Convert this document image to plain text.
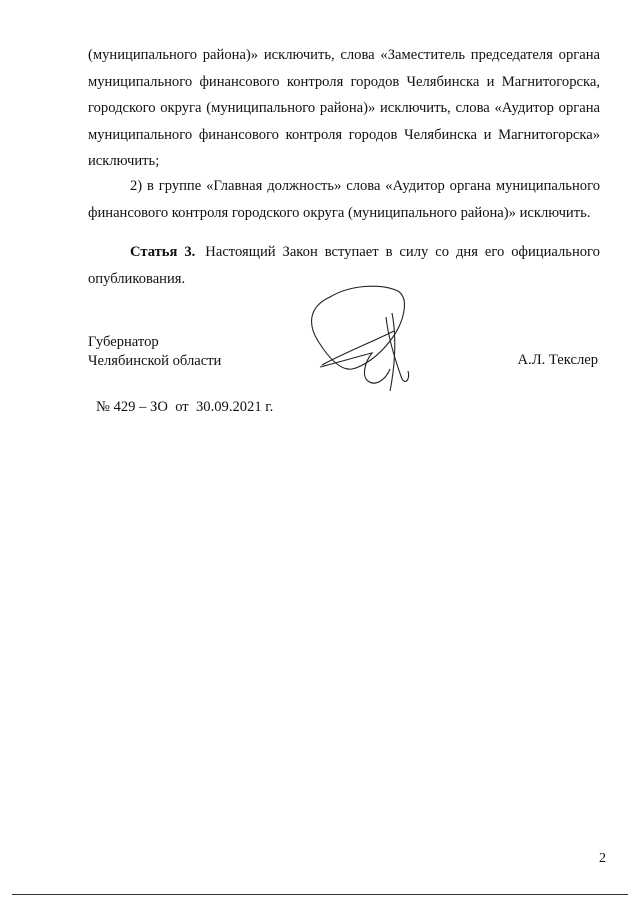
(муниципального района)» исключить, слова «Заместитель председателя органа муниципального финансового контроля городов Челябинска и Магнитогорска, городского округа (муниципального района)» исключить, слова «Аудитор органа муниципального финансового контроля городов Челябинска и Магнитогорска» исключить;

2) в группе «Главная должность» слова «Аудитор органа муниципального финансового контроля городского округа (муниципального района)» исключить.

Статья 3. Настоящий Закон вступает в силу со дня его официального опубликования.

Губернатор
Челябинской области	А.Л. Текслер
№ 429 – ЗО  от  30.09.2021 г.
2
